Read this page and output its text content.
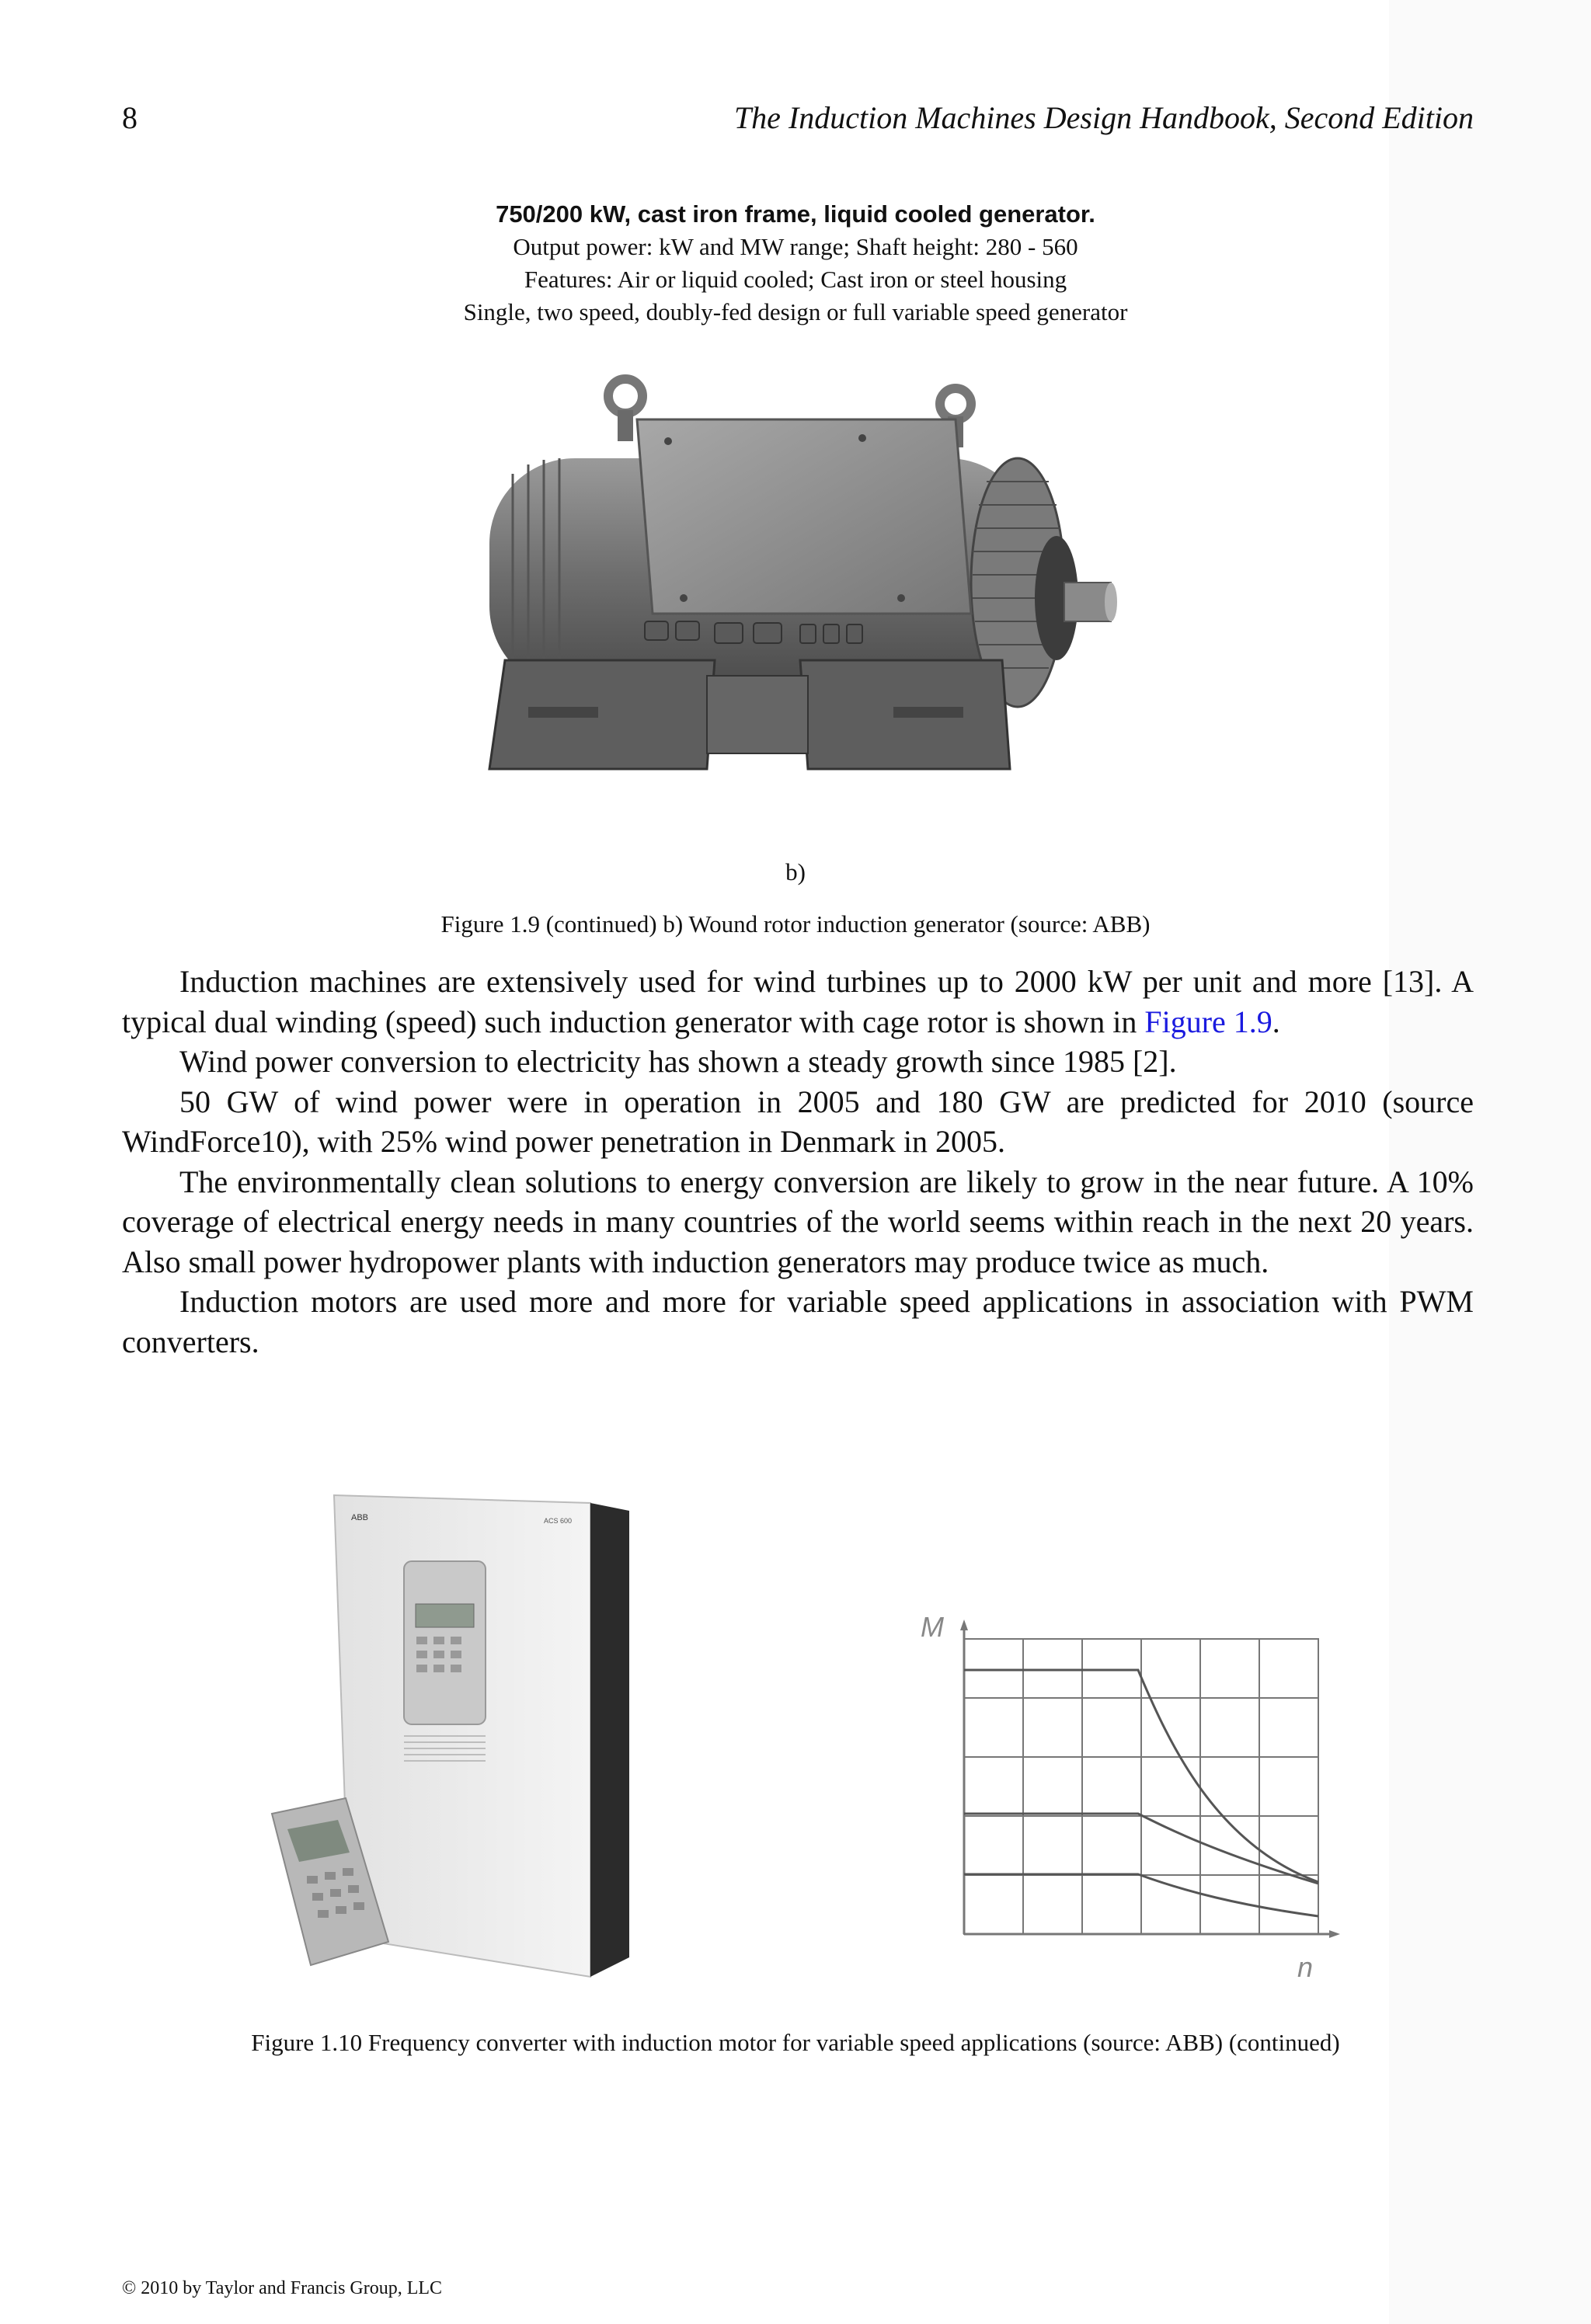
8	The Induction Machines Design Handbook, Second Edition
750/200 kW, cast iron frame, liquid cooled generator.
Output power: kW and MW range; Shaft height: 280 - 560
Features: Air or liquid cooled; Cast iron or steel housing
Single, two speed, doubly-fed design or full variable speed generator
b)
Figure 1.9 (continued) b) Wound rotor induction generator (source: ABB)

Induction machines are extensively used for wind turbines up to 2000 kW per unit and more [13]. A typical dual winding (speed) such induction generator with cage rotor is shown in Figure 1.9.

Wind power conversion to electricity has shown a steady growth since 1985 [2].

50 GW of wind power were in operation in 2005 and 180 GW are predicted for 2010 (source WindForce10), with 25% wind power penetration in Denmark in 2005.

The environmentally clean solutions to energy conversion are likely to grow in the near future. A 10% coverage of electrical energy needs in many countries of the world seems within reach in the next 20 years. Also small power hydropower plants with induction generators may produce twice as much.

Induction motors are used more and more for variable speed applications in association with PWM converters.

ABB	ACS 600
M
n
Figure 1.10 Frequency converter with induction motor for variable speed applications (source: ABB) (continued)
© 2010 by Taylor and Francis Group, LLC
